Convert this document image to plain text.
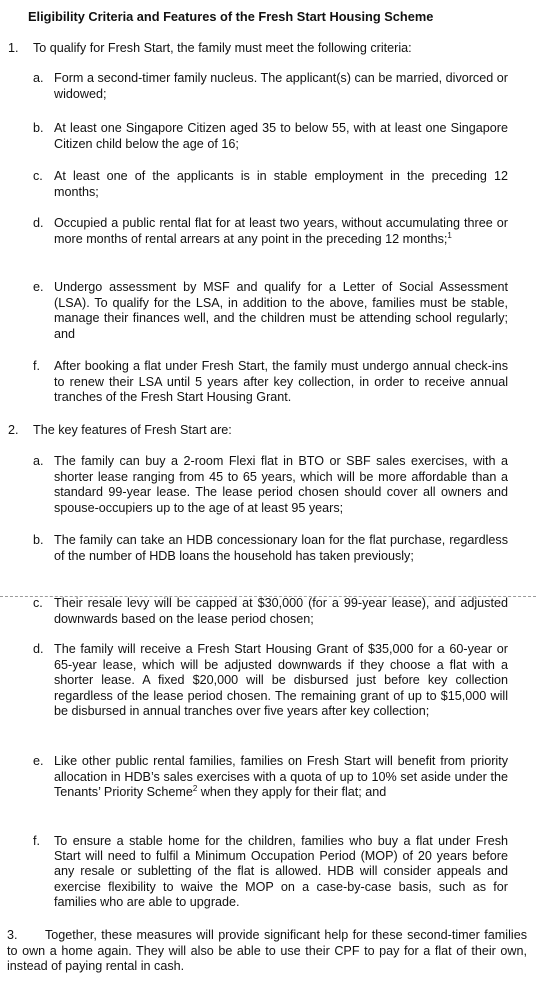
Eligibility Criteria and Features of the Fresh Start Housing Scheme
1. To qualify for Fresh Start, the family must meet the following criteria:
a. Form a second-timer family nucleus. The applicant(s) can be married, divorced or widowed;
b. At least one Singapore Citizen aged 35 to below 55, with at least one Singapore Citizen child below the age of 16;
c. At least one of the applicants is in stable employment in the preceding 12 months;
d. Occupied a public rental flat for at least two years, without accumulating three or more months of rental arrears at any point in the preceding 12 months;$^1$
e. Undergo assessment by MSF and qualify for a Letter of Social Assessment (LSA). To qualify for the LSA, in addition to the above, families must be stable, manage their finances well, and the children must be attending school regularly; and
f. After booking a flat under Fresh Start, the family must undergo annual check-ins to renew their LSA until 5 years after key collection, in order to receive annual tranches of the Fresh Start Housing Grant.
2. The key features of Fresh Start are:
a. The family can buy a 2-room Flexi flat in BTO or SBF sales exercises, with a shorter lease ranging from 45 to 65 years, which will be more affordable than a standard 99-year lease. The lease period chosen should cover all owners and spouse-occupiers up to the age of at least 95 years;
b. The family can take an HDB concessionary loan for the flat purchase, regardless of the number of HDB loans the household has taken previously;
c. Their resale levy will be capped at $30,000 (for a 99-year lease), and adjusted downwards based on the lease period chosen;
d. The family will receive a Fresh Start Housing Grant of $35,000 for a 60-year or 65-year lease, which will be adjusted downwards if they choose a flat with a shorter lease. A fixed $20,000 will be disbursed just before key collection regardless of the lease period chosen. The remaining grant of up to $15,000 will be disbursed in annual tranches over five years after key collection;
e. Like other public rental families, families on Fresh Start will benefit from priority allocation in HDB’s sales exercises with a quota of up to 10% set aside under the Tenants’ Priority Scheme$^2$ when they apply for their flat; and
f. To ensure a stable home for the children, families who buy a flat under Fresh Start will need to fulfil a Minimum Occupation Period (MOP) of 20 years before any resale or subletting of the flat is allowed. HDB will consider appeals and exercise flexibility to waive the MOP on a case-by-case basis, such as for families who are able to upgrade.
3. Together, these measures will provide significant help for these second-timer families to own a home again. They will also be able to use their CPF to pay for a flat of their own, instead of paying rental in cash.
